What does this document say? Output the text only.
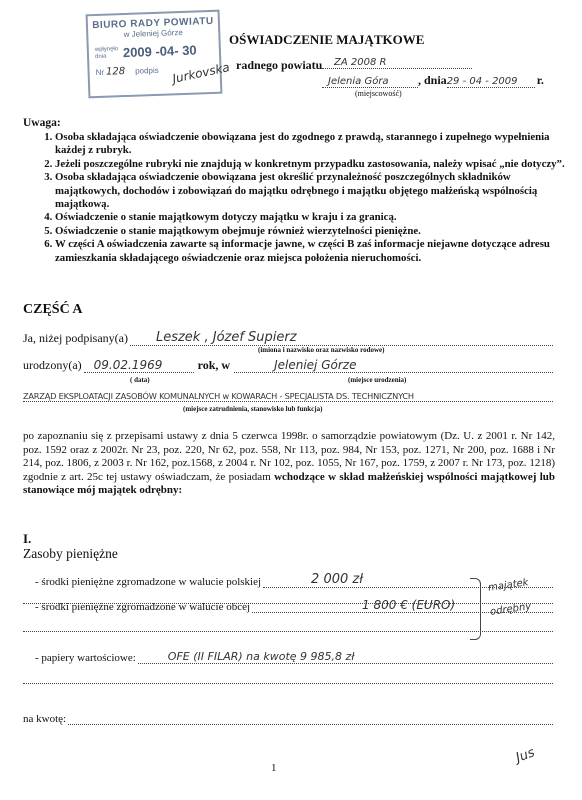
BIURO RADY POWIATU
w Jeleniej Górze
wpłynęło dnia	2009 -04- 30
Nr 128 podpis Jurkovska
OŚWIADCZENIE MAJĄTKOWE
radnego powiatu	ZA 2008 R
Jelenia Góra	, dnia 29 - 04 - 2009	r.
(miejscowość)
Uwaga:
1. Osoba składająca oświadczenie obowiązana jest do zgodnego z prawdą, starannego i zupełnego wypełnienia każdej z rubryk.
2. Jeżeli poszczególne rubryki nie znajdują w konkretnym przypadku zastosowania, należy wpisać „nie dotyczy”.
3. Osoba składająca oświadczenie obowiązana jest określić przynależność poszczególnych składników majątkowych, dochodów i zobowiązań do majątku odrębnego i majątku objętego małżeńską wspólnością majątkową.
4. Oświadczenie o stanie majątkowym dotyczy majątku w kraju i za granicą.
5. Oświadczenie o stanie majątkowym obejmuje również wierzytelności pieniężne.
6. W części A oświadczenia zawarte są informacje jawne, w części B zaś informacje niejawne dotyczące adresu zamieszkania składającego oświadczenie oraz miejsca położenia nieruchomości.
CZĘŚĆ A
Ja, niżej podpisany(a)	Leszek , Józef Supierz
(imiona i nazwisko oraz nazwisko rodowe)
urodzony(a)	09.02.1969	rok, w	Jeleniej Górze
( data)	(miejsce urodzenia)
ZARZĄD EKSPLOATACJI ZASOBÓW KOMUNALNYCH w KOWARACH - SPECJALISTA DS. TECHNICZNYCH
(miejsce zatrudnienia, stanowisko lub funkcja)
po zapoznaniu się z przepisami ustawy z dnia 5 czerwca 1998r. o samorządzie powiatowym (Dz. U. z 2001 r. Nr 142, poz. 1592 oraz z 2002r. Nr 23, poz. 220, Nr 62, poz. 558, Nr 113, poz. 984, Nr 153, poz. 1271, Nr 200, poz. 1688 i Nr 214, poz. 1806, z 2003 r. Nr 162, poz.1568, z 2004 r. Nr 102, poz. 1055, Nr 167, poz. 1759, z 2007 r. Nr 173, poz. 1218) zgodnie z art. 25c tej ustawy oświadczam, że posiadam wchodzące w skład małżeńskiej wspólności majątkowej lub stanowiące mój majątek odrębny:
I.
Zasoby pieniężne
- środki pieniężne zgromadzone w walucie polskiej	2 000 zł
- środki pieniężne zgromadzone w walucie obcej	1 800 € (EURO)
majątek
odrębny
- papiery wartościowe:	OFE (II FILAR) na kwotę 9 985,8 zł
na kwotę:
1
Jus
